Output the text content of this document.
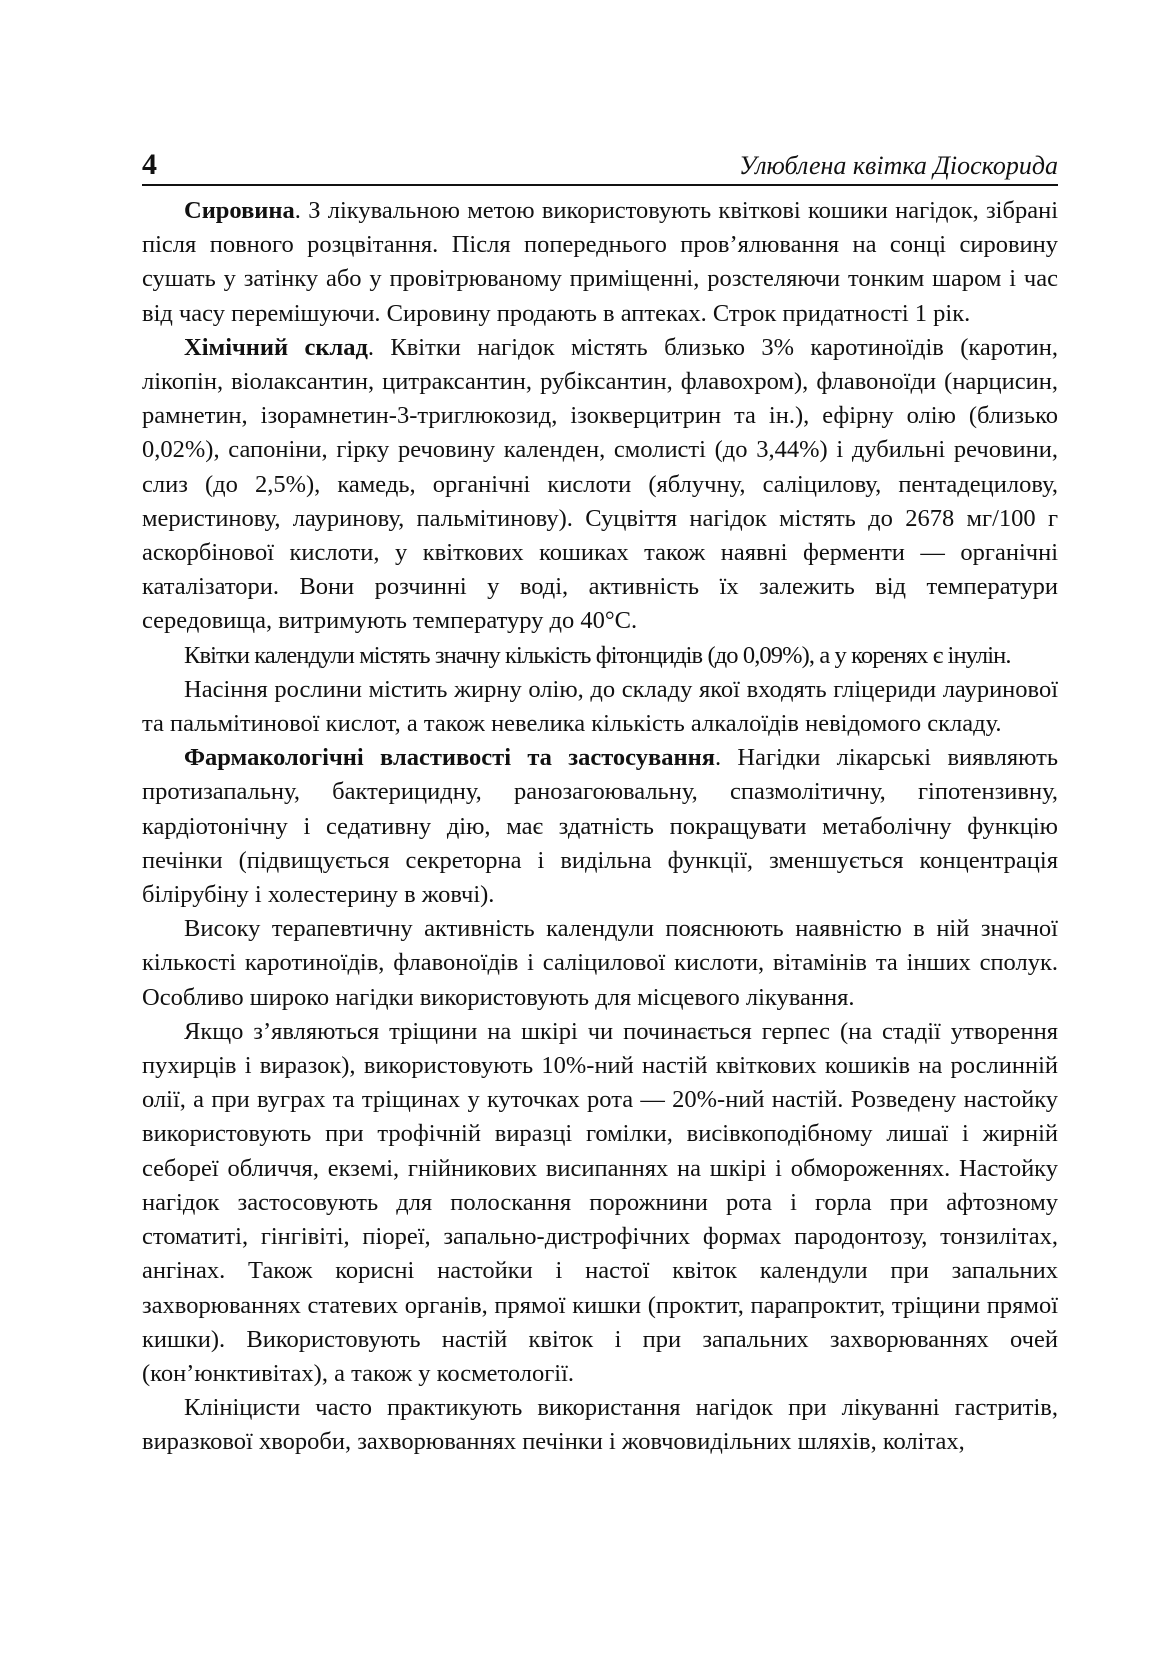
4	Улюблена квітка Діоскорида

Сировина. З лікувальною метою використовують квіткові кошики нагідок, зібрані після повного розцвітання. Після попереднього пров’ялювання на сонці сировину сушать у затінку або у провітрюваному приміщенні, розстеляючи тонким шаром і час від часу перемішуючи. Сировину продають в аптеках. Строк придатності 1 рік.

Хімічний склад. Квітки нагідок містять близько 3% каротиноїдів (каротин, лікопін, віолаксантин, цитраксантин, рубіксантин, флавохром), флавоноїди (нарцисин, рамнетин, ізорамнетин-3-триглюкозид, ізокверцитрин та ін.), ефірну олію (близько 0,02%), сапоніни, гірку речовину календен, смолисті (до 3,44%) і дубильні речовини, слиз (до 2,5%), камедь, органічні кислоти (яблучну, саліцилову, пентадецилову, меристинову, лауринову, пальмітинову). Суцвіття нагідок містять до 2678 мг/100 г аскорбінової кислоти, у квіткових кошиках також наявні ферменти — органічні каталізатори. Вони розчинні у воді, активність їх залежить від температури середовища, витримують температуру до 40°С.

Квітки календули містять значну кількість фітонцидів (до 0,09%), а у коренях є інулін.

Насіння рослини містить жирну олію, до складу якої входять гліцериди лауринової та пальмітинової кислот, а також невелика кількість алкалоїдів невідомого складу.

Фармакологічні властивості та застосування. Нагідки лікарські виявляють протизапальну, бактерицидну, ранозагоювальну, спазмолітичну, гіпотензивну, кардіотонічну і седативну дію, має здатність покращувати метаболічну функцію печінки (підвищується секреторна і видільна функції, зменшується концентрація білірубіну і холестерину в жовчі).

Високу терапевтичну активність календули пояснюють наявністю в ній значної кількості каротиноїдів, флавоноїдів і саліцилової кислоти, вітамінів та інших сполук. Особливо широко нагідки використовують для місцевого лікування.

Якщо з’являються тріщини на шкірі чи починається герпес (на стадії утворення пухирців і виразок), використовують 10%-ний настій квіткових кошиків на рослинній олії, а при вуграх та тріщинах у куточках рота — 20%-ний настій. Розведену настойку використовують при трофічній виразці гомілки, висівкоподібному лишаї і жирній себореї обличчя, екземі, гнійникових висипаннях на шкірі і обмороженнях. Настойку нагідок застосовують для полоскання порожнини рота і горла при афтозному стоматиті, гінгівіті, піореї, запально-дистрофічних формах пародонтозу, тонзилітах, ангінах. Також корисні настойки і настої квіток календули при запальних захворюваннях статевих органів, прямої кишки (проктит, парапроктит, тріщини прямої кишки). Використовують настій квіток і при запальних захворюваннях очей (кон’юнктивітах), а також у косметології.

Клініцисти часто практикують використання нагідок при лікуванні гастритів, виразкової хвороби, захворюваннях печінки і жовчовидільних шляхів, колітах,
